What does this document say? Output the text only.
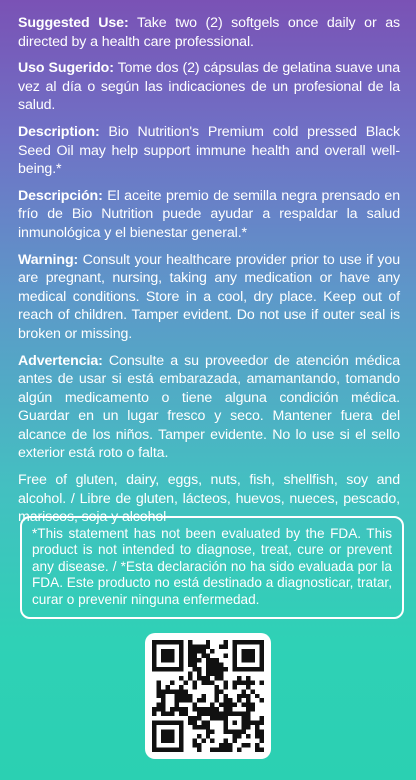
Suggested Use: Take two (2) softgels once daily or as directed by a health care professional.

Uso Sugerido: Tome dos (2) cápsulas de gelatina suave una vez al día o según las indicaciones de un profesional de la salud.

Description: Bio Nutrition's Premium cold pressed Black Seed Oil may help support immune health and overall well-being.*

Descripción: El aceite premio de semilla negra prensado en frío de Bio Nutrition puede ayudar a respaldar la salud inmunológica y el bienestar general.*

Warning: Consult your healthcare provider prior to use if you are pregnant, nursing, taking any medication or have any medical conditions. Store in a cool, dry place. Keep out of reach of children. Tamper evident. Do not use if outer seal is broken or missing.

Advertencia: Consulte a su proveedor de atención médica antes de usar si está embarazada, amamantando, tomando algún medicamento o tiene alguna condición médica. Guardar en un lugar fresco y seco. Mantener fuera del alcance de los niños. Tamper evidente. No lo use si el sello exterior está roto o falta.

Free of gluten, dairy, eggs, nuts, fish, shellfish, soy and alcohol. / Libre de gluten, lácteos, huevos, nueces, pescado, mariscos, soja y alcohol

*This statement has not been evaluated by the FDA. This product is not intended to diagnose, treat, cure or prevent any disease. / *Esta declaración no ha sido evaluada por la FDA. Este producto no está destinado a diagnosticar, tratar, curar o prevenir ninguna enfermedad.
